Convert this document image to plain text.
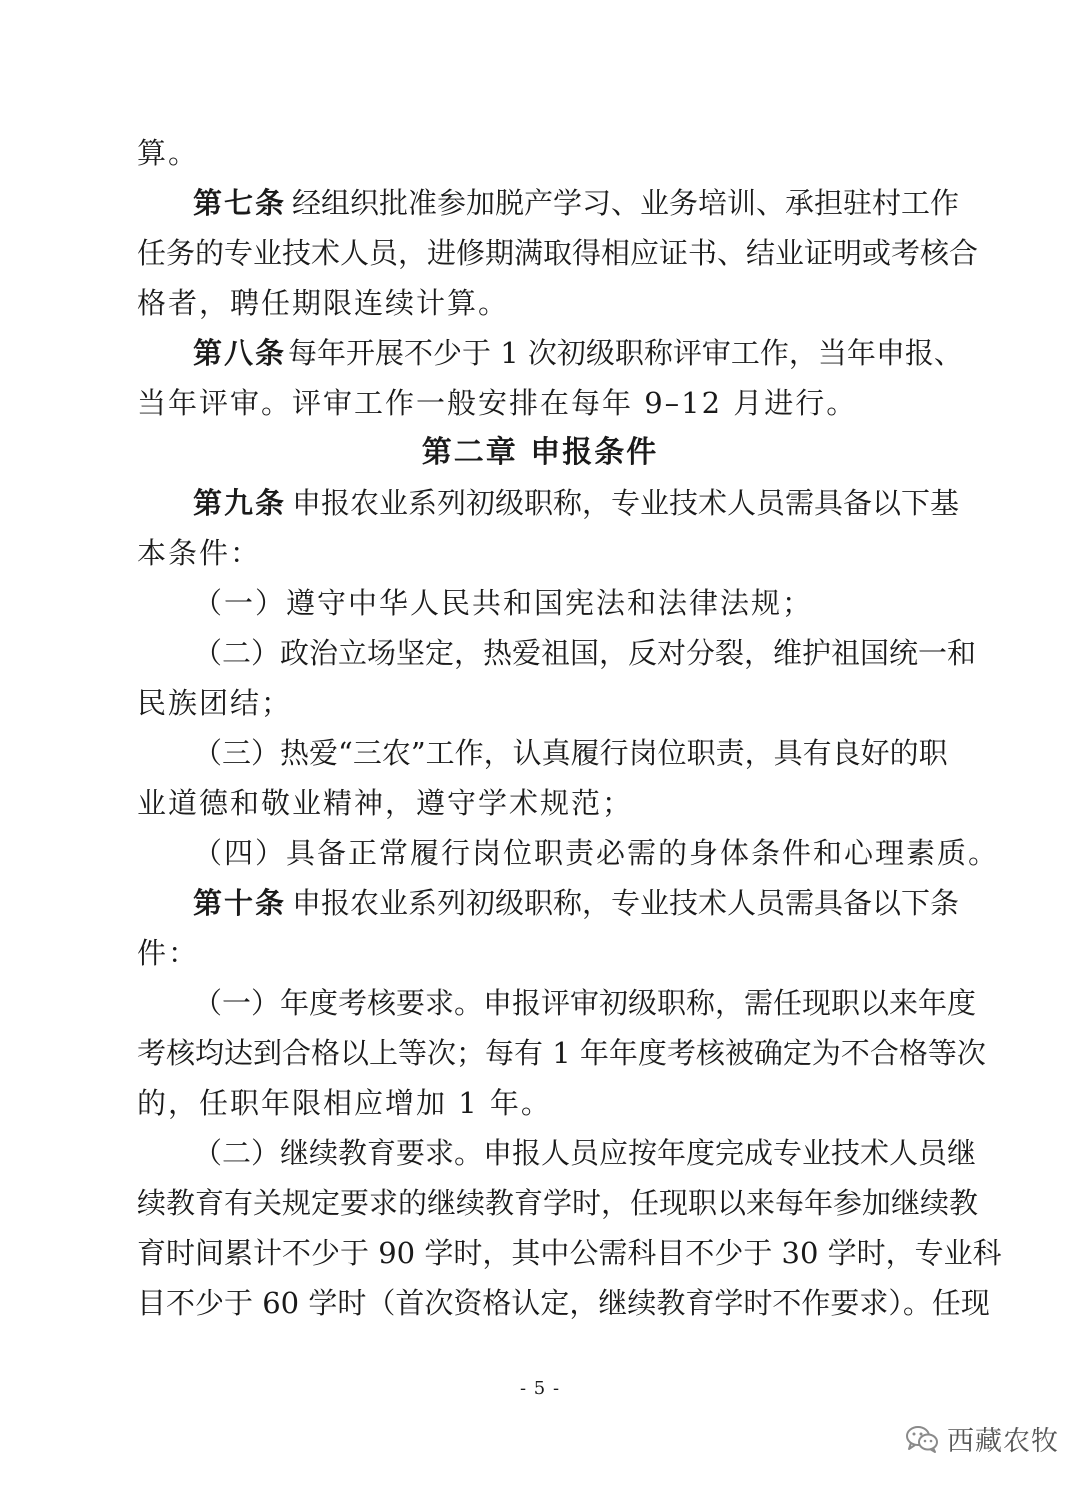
算。
第七条 经组织批准参加脱产学习、业务培训、承担驻村工作
任务的专业技术人员，进修期满取得相应证书、结业证明或考核合
格者，聘任期限连续计算。
第八条 每年开展不少于 1 次初级职称评审工作，当年申报、
当年评审。评审工作一般安排在每年 9–12 月进行。
第二章 申报条件
第九条 申报农业系列初级职称，专业技术人员需具备以下基
本条件：
（一）遵守中华人民共和国宪法和法律法规；
（二）政治立场坚定，热爱祖国，反对分裂，维护祖国统一和
民族团结；
（三）热爱“三农”工作，认真履行岗位职责，具有良好的职
业道德和敬业精神，遵守学术规范；
（四）具备正常履行岗位职责必需的身体条件和心理素质。
第十条 申报农业系列初级职称，专业技术人员需具备以下条
件：
（一）年度考核要求。申报评审初级职称，需任现职以来年度
考核均达到合格以上等次；每有 1 年年度考核被确定为不合格等次
的，任职年限相应增加 1 年。
（二）继续教育要求。申报人员应按年度完成专业技术人员继
续教育有关规定要求的继续教育学时，任现职以来每年参加继续教
育时间累计不少于 90 学时，其中公需科目不少于 30 学时，专业科
目不少于 60 学时（首次资格认定，继续教育学时不作要求）。任现
- 5 -
西藏农牧
